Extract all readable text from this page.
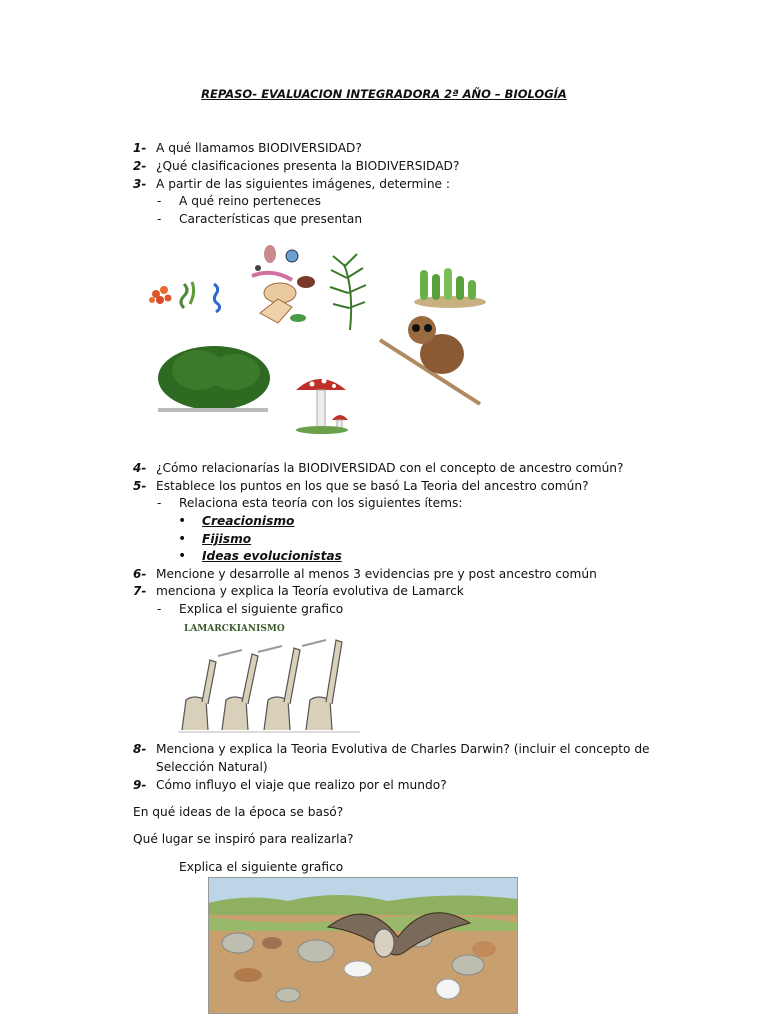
REPASO- EVALUACION INTEGRADORA 2ª AÑO – BIOLOGÍA
1- A qué llamamos BIODIVERSIDAD?
2- ¿Qué clasificaciones presenta la BIODIVERSIDAD?
3- A partir de las siguientes imágenes, determine :
- A qué reino perteneces
- Características que presentan
4- ¿Cómo relacionarías la BIODIVERSIDAD con el concepto de ancestro común?
5- Establece los puntos en los que se basó La Teoria del ancestro común?
- Relaciona esta teoría con los siguientes ítems:
• Creacionismo
• Fijismo
• Ideas evolucionistas
6- Mencione y desarrolle al menos 3 evidencias pre y post ancestro común
7- menciona y explica la Teoría evolutiva de Lamarck
- Explica el siguiente grafico
LAMARCKIANISMO
8- Menciona y explica la Teoria Evolutiva de Charles Darwin? (incluir el concepto de
Selección Natural)
9- Cómo influyo el viaje que realizo por el mundo?
En qué ideas de la época se basó?
Qué lugar se inspiró para realizarla?
Explica el siguiente grafico
